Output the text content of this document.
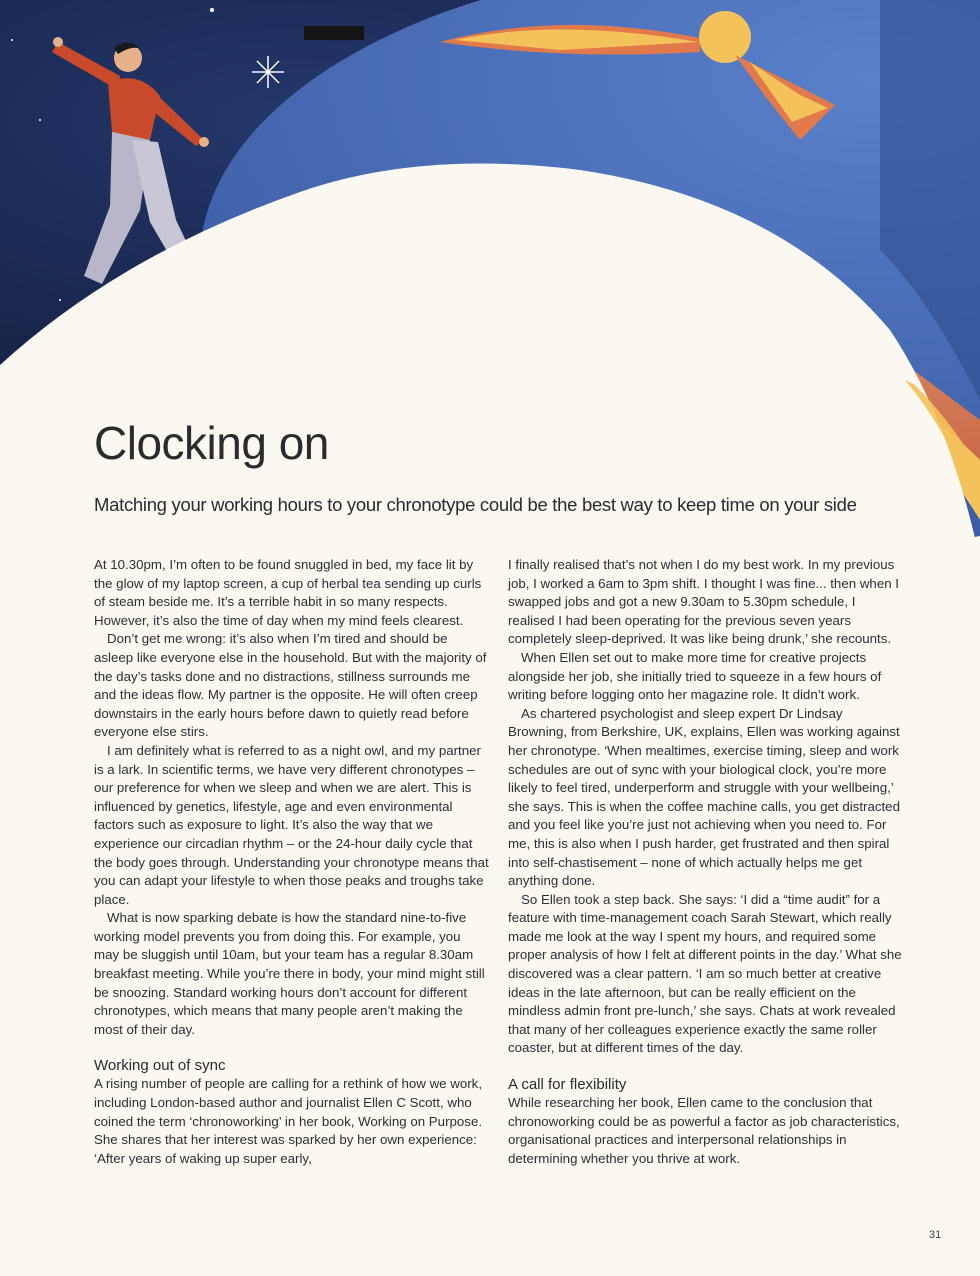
Clocking on
Matching your working hours to your chronotype could be the best way to keep time on your side

At 10.30pm, I’m often to be found snuggled in bed, my face lit by the glow of my laptop screen, a cup of herbal tea sending up curls of steam beside me. It’s a terrible habit in so many respects. However, it’s also the time of day when my mind feels clearest.

Don’t get me wrong: it’s also when I’m tired and should be asleep like everyone else in the household. But with the majority of the day’s tasks done and no distractions, stillness surrounds me and the ideas flow. My partner is the opposite. He will often creep downstairs in the early hours before dawn to quietly read before everyone else stirs.

I am definitely what is referred to as a night owl, and my partner is a lark. In scientific terms, we have very different chronotypes – our preference for when we sleep and when we are alert. This is influenced by genetics, lifestyle, age and even environmental factors such as exposure to light. It’s also the way that we experience our circadian rhythm – or the 24-hour daily cycle that the body goes through. Understanding your chronotype means that you can adapt your lifestyle to when those peaks and troughs take place.

What is now sparking debate is how the standard nine-to-five working model prevents you from doing this. For example, you may be sluggish until 10am, but your team has a regular 8.30am breakfast meeting. While you’re there in body, your mind might still be snoozing. Standard working hours don’t account for different chronotypes, which means that many people aren’t making the most of their day.

Working out of sync

A rising number of people are calling for a rethink of how we work, including London-based author and journalist Ellen C Scott, who coined the term ‘chronoworking’ in her book, Working on Purpose. She shares that her interest was sparked by her own experience: ‘After years of waking up super early,

I finally realised that’s not when I do my best work. In my previous job, I worked a 6am to 3pm shift. I thought I was fine... then when I swapped jobs and got a new 9.30am to 5.30pm schedule, I realised I had been operating for the previous seven years completely sleep-deprived. It was like being drunk,’ she recounts.

When Ellen set out to make more time for creative projects alongside her job, she initially tried to squeeze in a few hours of writing before logging onto her magazine role. It didn’t work.

As chartered psychologist and sleep expert Dr Lindsay Browning, from Berkshire, UK, explains, Ellen was working against her chronotype. ‘When mealtimes, exercise timing, sleep and work schedules are out of sync with your biological clock, you’re more likely to feel tired, underperform and struggle with your wellbeing,’ she says. This is when the coffee machine calls, you get distracted and you feel like you’re just not achieving when you need to. For me, this is also when I push harder, get frustrated and then spiral into self-chastisement – none of which actually helps me get anything done.

So Ellen took a step back. She says: ‘I did a “time audit” for a feature with time-management coach Sarah Stewart, which really made me look at the way I spent my hours, and required some proper analysis of how I felt at different points in the day.’ What she discovered was a clear pattern. ‘I am so much better at creative ideas in the late afternoon, but can be really efficient on the mindless admin front pre-lunch,’ she says. Chats at work revealed that many of her colleagues experience exactly the same roller coaster, but at different times of the day.

A call for flexibility

While researching her book, Ellen came to the conclusion that chronoworking could be as powerful a factor as job characteristics, organisational practices and interpersonal relationships in determining whether you thrive at work.

31
